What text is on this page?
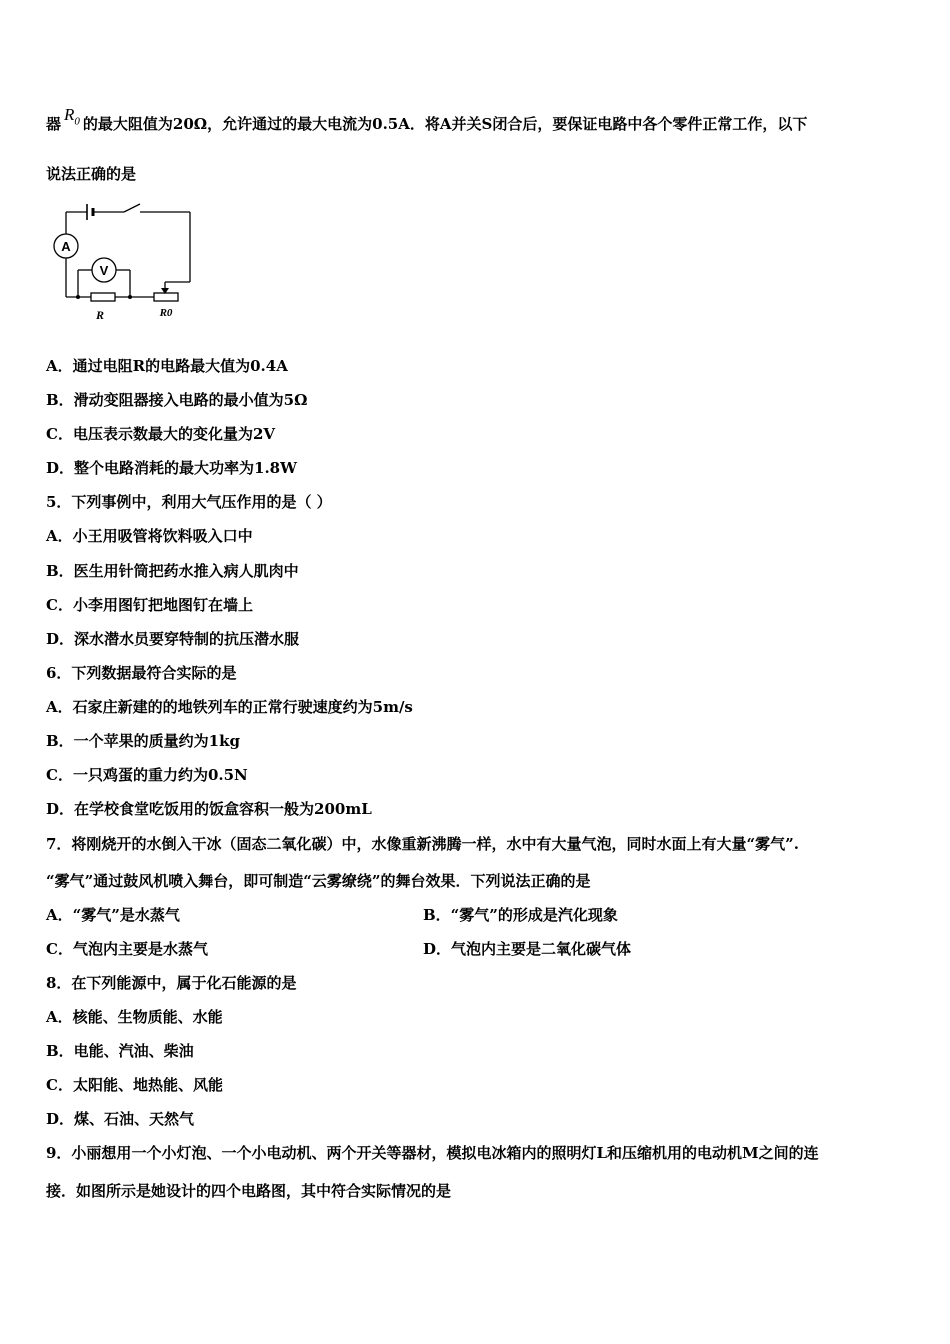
器 $R_0$ 的最大阻值为20Ω，允许通过的最大电流为0.5A．将A并关S闭合后，要保证电路中各个零件正常工作，以下
说法正确的是
A
V
R	R0
A．通过电阻R的电路最大值为0.4A
B．滑动变阻器接入电路的最小值为5Ω
C．电压表示数最大的变化量为2V
D．整个电路消耗的最大功率为1.8W
5．下列事例中，利用大气压作用的是（ ）
A．小王用吸管将饮料吸入口中
B．医生用针筒把药水推入病人肌肉中
C．小李用图钉把地图钉在墙上
D．深水潜水员要穿特制的抗压潜水服
6．下列数据最符合实际的是
A．石家庄新建的的地铁列车的正常行驶速度约为5m/s
B．一个苹果的质量约为1kg
C．一只鸡蛋的重力约为0.5N
D．在学校食堂吃饭用的饭盒容积一般为200mL
7．将刚烧开的水倒入干冰（固态二氧化碳）中，水像重新沸腾一样，水中有大量气泡，同时水面上有大量“雾气”.
“雾气”通过鼓风机喷入舞台，即可制造“云雾缭绕”的舞台效果．下列说法正确的是
A．“雾气”是水蒸气	B．“雾气”的形成是汽化现象
C．气泡内主要是水蒸气	D．气泡内主要是二氧化碳气体
8．在下列能源中，属于化石能源的是
A．核能、生物质能、水能
B．电能、汽油、柴油
C．太阳能、地热能、风能
D．煤、石油、天然气
9．小丽想用一个小灯泡、一个小电动机、两个开关等器材，模拟电冰箱内的照明灯L和压缩机用的电动机M之间的连
接．如图所示是她设计的四个电路图，其中符合实际情况的是
